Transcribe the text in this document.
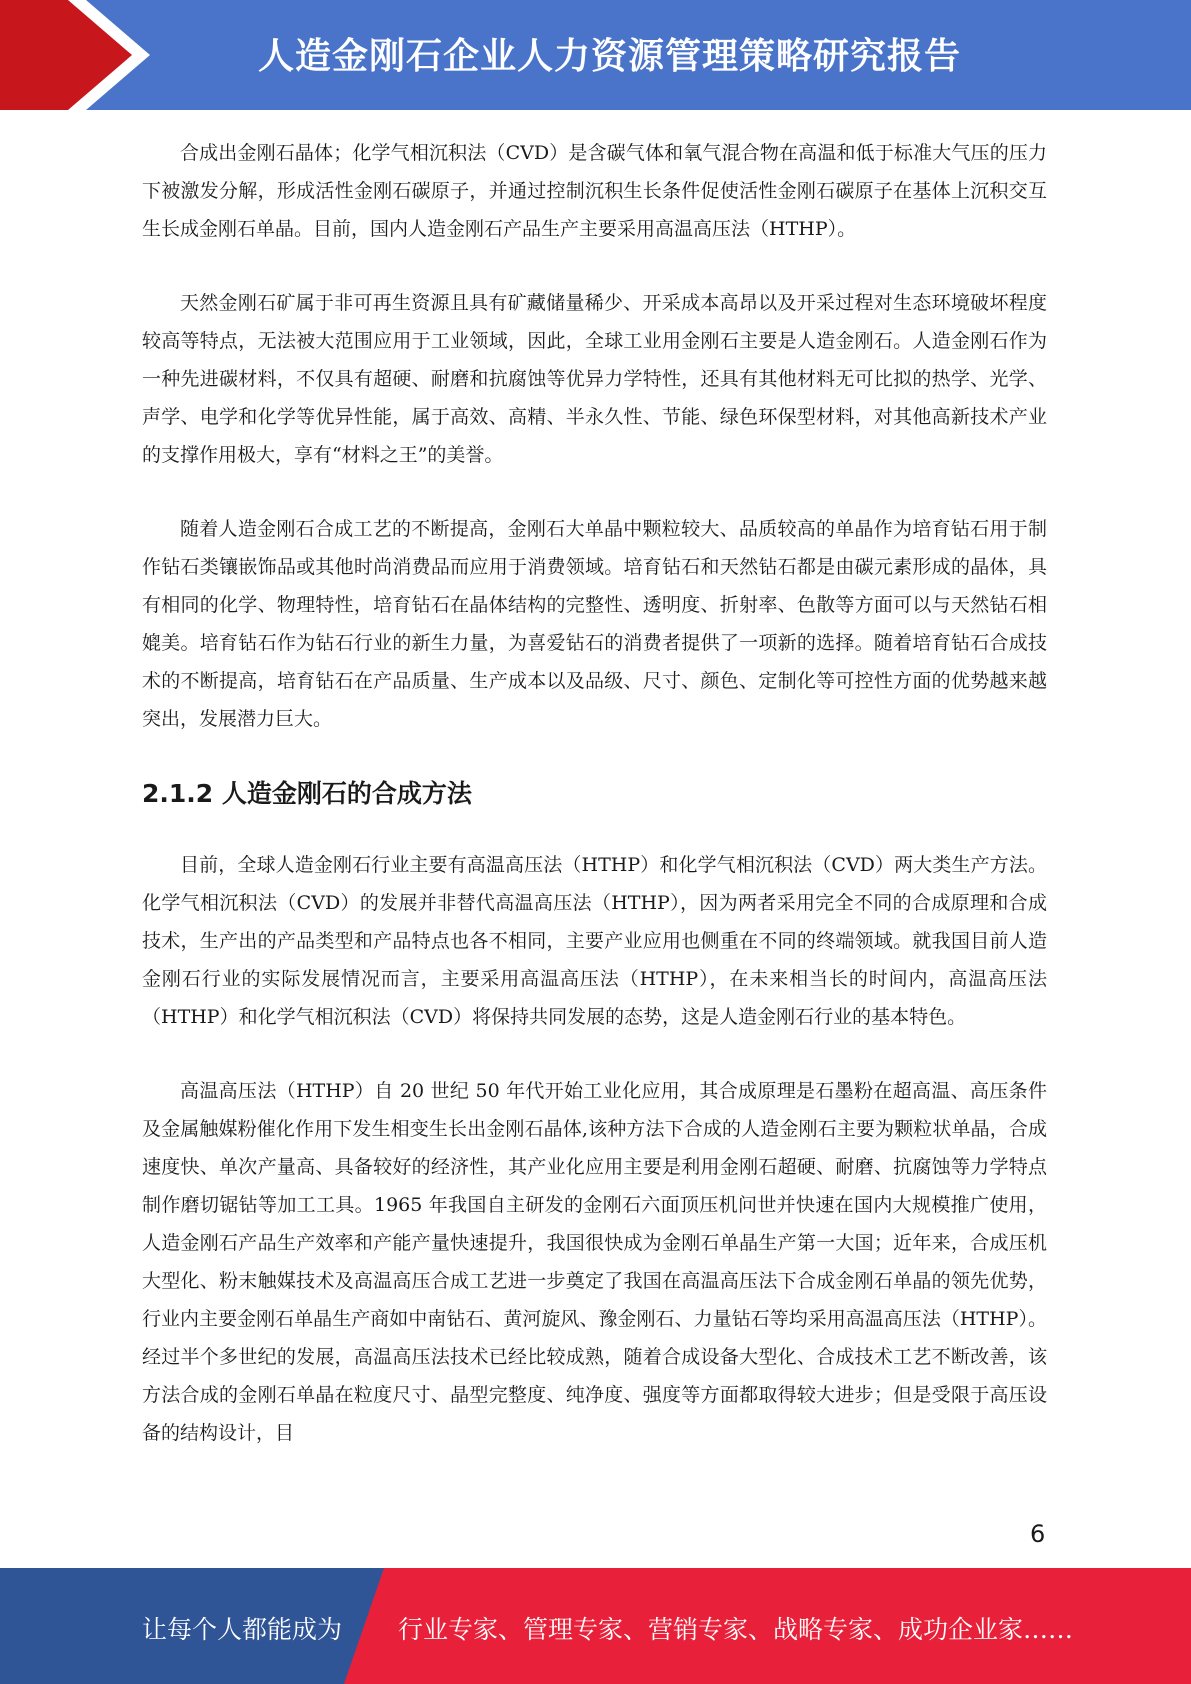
人造金刚石企业人力资源管理策略研究报告

合成出金刚石晶体；化学气相沉积法（CVD）是含碳气体和氧气混合物在高温和低于标准大气压的压力下被激发分解，形成活性金刚石碳原子，并通过控制沉积生长条件促使活性金刚石碳原子在基体上沉积交互生长成金刚石单晶。目前，国内人造金刚石产品生产主要采用高温高压法（HTHP）。

天然金刚石矿属于非可再生资源且具有矿藏储量稀少、开采成本高昂以及开采过程对生态环境破坏程度较高等特点，无法被大范围应用于工业领域，因此，全球工业用金刚石主要是人造金刚石。人造金刚石作为一种先进碳材料，不仅具有超硬、耐磨和抗腐蚀等优异力学特性，还具有其他材料无可比拟的热学、光学、声学、电学和化学等优异性能，属于高效、高精、半永久性、节能、绿色环保型材料，对其他高新技术产业的支撑作用极大，享有“材料之王”的美誉。

随着人造金刚石合成工艺的不断提高，金刚石大单晶中颗粒较大、品质较高的单晶作为培育钻石用于制作钻石类镶嵌饰品或其他时尚消费品而应用于消费领域。培育钻石和天然钻石都是由碳元素形成的晶体，具有相同的化学、物理特性，培育钻石在晶体结构的完整性、透明度、折射率、色散等方面可以与天然钻石相媲美。培育钻石作为钻石行业的新生力量，为喜爱钻石的消费者提供了一项新的选择。随着培育钻石合成技术的不断提高，培育钻石在产品质量、生产成本以及品级、尺寸、颜色、定制化等可控性方面的优势越来越突出，发展潜力巨大。

2.1.2 人造金刚石的合成方法

目前，全球人造金刚石行业主要有高温高压法（HTHP）和化学气相沉积法（CVD）两大类生产方法。化学气相沉积法（CVD）的发展并非替代高温高压法（HTHP），因为两者采用完全不同的合成原理和合成技术，生产出的产品类型和产品特点也各不相同，主要产业应用也侧重在不同的终端领域。就我国目前人造金刚石行业的实际发展情况而言，主要采用高温高压法（HTHP），在未来相当长的时间内，高温高压法（HTHP）和化学气相沉积法（CVD）将保持共同发展的态势，这是人造金刚石行业的基本特色。

高温高压法（HTHP）自 20 世纪 50 年代开始工业化应用，其合成原理是石墨粉在超高温、高压条件及金属触媒粉催化作用下发生相变生长出金刚石晶体,该种方法下合成的人造金刚石主要为颗粒状单晶，合成速度快、单次产量高、具备较好的经济性，其产业化应用主要是利用金刚石超硬、耐磨、抗腐蚀等力学特点制作磨切锯钻等加工工具。1965 年我国自主研发的金刚石六面顶压机问世并快速在国内大规模推广使用，人造金刚石产品生产效率和产能产量快速提升，我国很快成为金刚石单晶生产第一大国；近年来，合成压机大型化、粉末触媒技术及高温高压合成工艺进一步奠定了我国在高温高压法下合成金刚石单晶的领先优势，行业内主要金刚石单晶生产商如中南钻石、黄河旋风、豫金刚石、力量钻石等均采用高温高压法（HTHP）。经过半个多世纪的发展，高温高压法技术已经比较成熟，随着合成设备大型化、合成技术工艺不断改善，该方法合成的金刚石单晶在粒度尺寸、晶型完整度、纯净度、强度等方面都取得较大进步；但是受限于高压设备的结构设计，目

6
让每个人都能成为 行业专家、管理专家、营销专家、战略专家、成功企业家……
